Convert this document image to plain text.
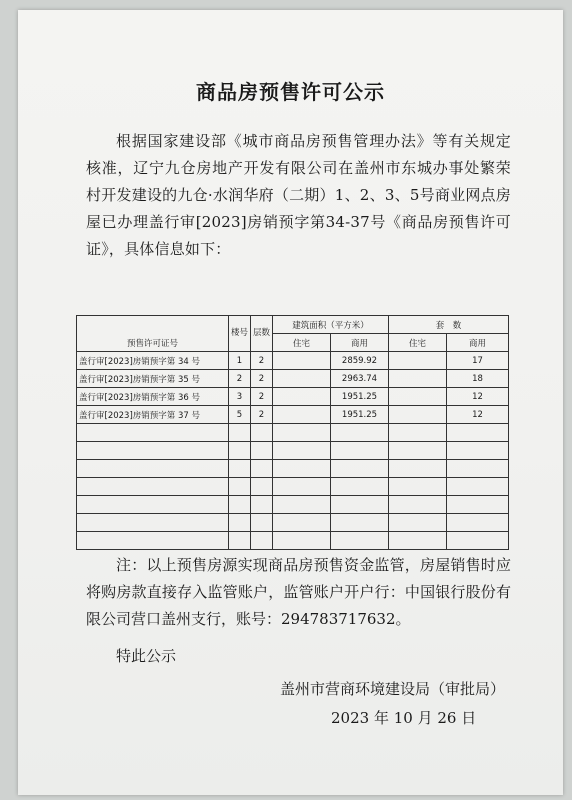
商品房预售许可公示
根据国家建设部《城市商品房预售管理办法》等有关规定核准，辽宁九仓房地产开发有限公司在盖州市东城办事处繁荣村开发建设的九仓·水润华府（二期）1、2、3、5号商业网点房屋已办理盖行审[2023]房销预字第34-37号《商品房预售许可证》，具体信息如下：
预售许可证号	楼号	层数	建筑面积（平方米）		套　数	
			住宅	商用	住宅	商用
盖行审[2023]房销预字第 34 号	1	2		2859.92		17
盖行审[2023]房销预字第 35 号	2	2		2963.74		18
盖行审[2023]房销预字第 36 号	3	2		1951.25		12
盖行审[2023]房销预字第 37 号	5	2		1951.25		12

注：以上预售房源实现商品房预售资金监管，房屋销售时应将购房款直接存入监管账户，监管账户开户行：中国银行股份有限公司营口盖州支行，账号：294783717632。
特此公示
盖州市营商环境建设局（审批局）
2023 年 10 月 26 日
